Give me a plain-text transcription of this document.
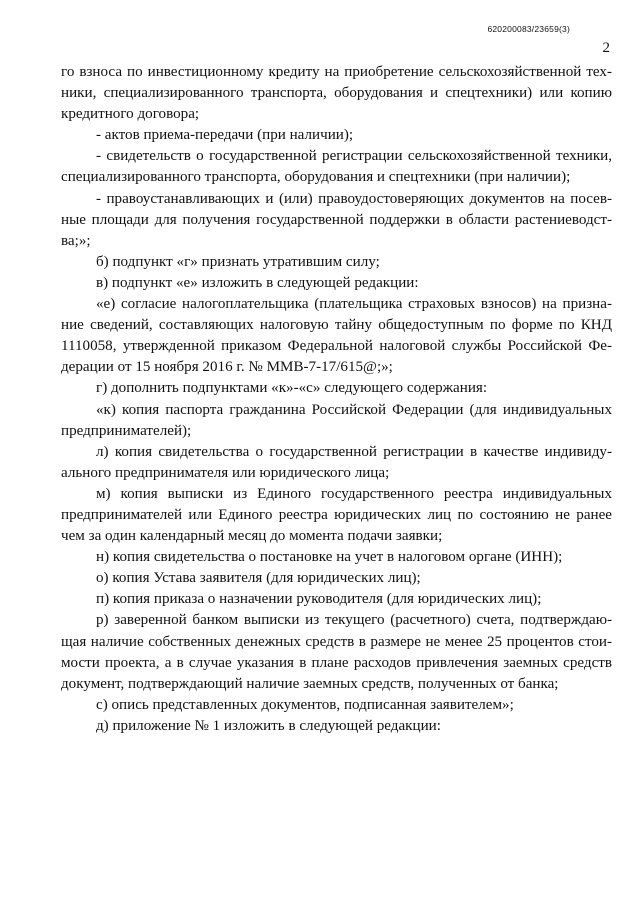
620200083/23659(3)
2
го взноса по инвестиционному кредиту на приобретение сельскохозяйственной тех-
ники, специализированного транспорта, оборудования и спецтехники) или копию
кредитного договора;
- актов приема-передачи (при наличии);
- свидетельств о государственной регистрации сельскохозяйственной техники,
специализированного транспорта, оборудования и спецтехники (при наличии);
- правоустанавливающих и (или) правоудостоверяющих документов на посев-
ные площади для получения государственной поддержки в области растениеводст-
ва;»;
б) подпункт «г» признать утратившим силу;
в) подпункт «е» изложить в следующей редакции:
«е) согласие налогоплательщика (плательщика страховых взносов) на призна-
ние сведений, составляющих налоговую тайну общедоступным по форме по КНД
1110058, утвержденной приказом Федеральной налоговой службы Российской Фе-
дерации от 15 ноября 2016 г. № ММВ-7-17/615@;»;
г) дополнить подпунктами «к»-«с» следующего содержания:
«к) копия паспорта гражданина Российской Федерации (для индивидуальных
предпринимателей);
л) копия свидетельства о государственной регистрации в качестве индивиду-
ального предпринимателя или юридического лица;
м) копия выписки из Единого государственного реестра индивидуальных
предпринимателей или Единого реестра юридических лиц по состоянию не ранее
чем за один календарный месяц до момента подачи заявки;
н) копия свидетельства о постановке на учет в налоговом органе (ИНН);
о) копия Устава заявителя (для юридических лиц);
п) копия приказа о назначении руководителя (для юридических лиц);
р) заверенной банком выписки из текущего (расчетного) счета, подтверждаю-
щая наличие собственных денежных средств в размере не менее 25 процентов стои-
мости проекта, а в случае указания в плане расходов привлечения заемных средств
документ, подтверждающий наличие заемных средств, полученных от банка;
с) опись представленных документов, подписанная заявителем»;
д) приложение № 1 изложить в следующей редакции:
